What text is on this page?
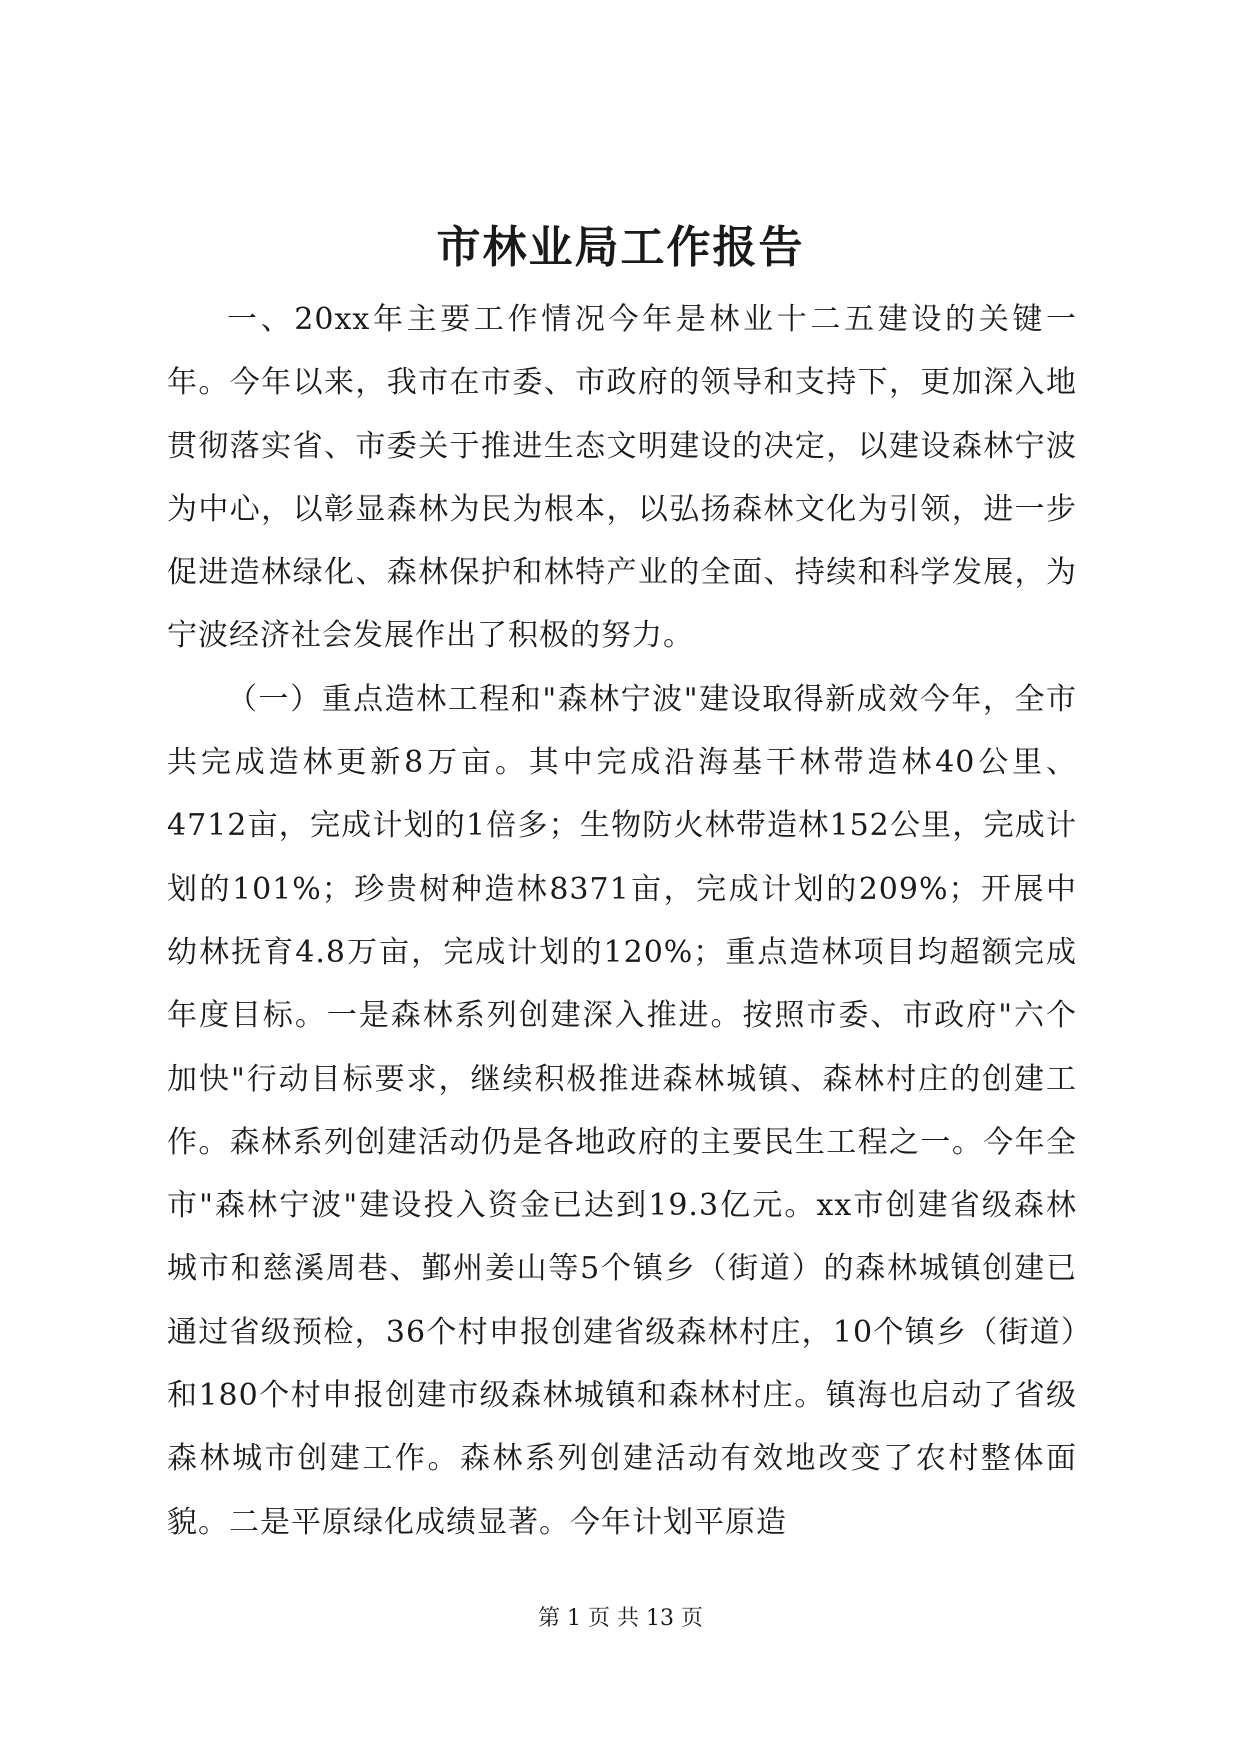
市林业局工作报告

一、20xx年主要工作情况今年是林业十二五建设的关键一年。今年以来，我市在市委、市政府的领导和支持下，更加深入地贯彻落实省、市委关于推进生态文明建设的决定，以建设森林宁波为中心，以彰显森林为民为根本，以弘扬森林文化为引领，进一步促进造林绿化、森林保护和林特产业的全面、持续和科学发展，为宁波经济社会发展作出了积极的努力。

（一）重点造林工程和"森林宁波"建设取得新成效今年，全市共完成造林更新8万亩。其中完成沿海基干林带造林40公里、4712亩，完成计划的1倍多；生物防火林带造林152公里，完成计划的101%；珍贵树种造林8371亩，完成计划的209%；开展中幼林抚育4.8万亩，完成计划的120%；重点造林项目均超额完成年度目标。一是森林系列创建深入推进。按照市委、市政府"六个加快"行动目标要求，继续积极推进森林城镇、森林村庄的创建工作。森林系列创建活动仍是各地政府的主要民生工程之一。今年全市"森林宁波"建设投入资金已达到19.3亿元。xx市创建省级森林城市和慈溪周巷、鄞州姜山等5个镇乡（街道）的森林城镇创建已通过省级预检，36个村申报创建省级森林村庄，10个镇乡（街道）和180个村申报创建市级森林城镇和森林村庄。镇海也启动了省级森林城市创建工作。森林系列创建活动有效地改变了农村整体面貌。二是平原绿化成绩显著。今年计划平原造

第 1 页 共 13 页
